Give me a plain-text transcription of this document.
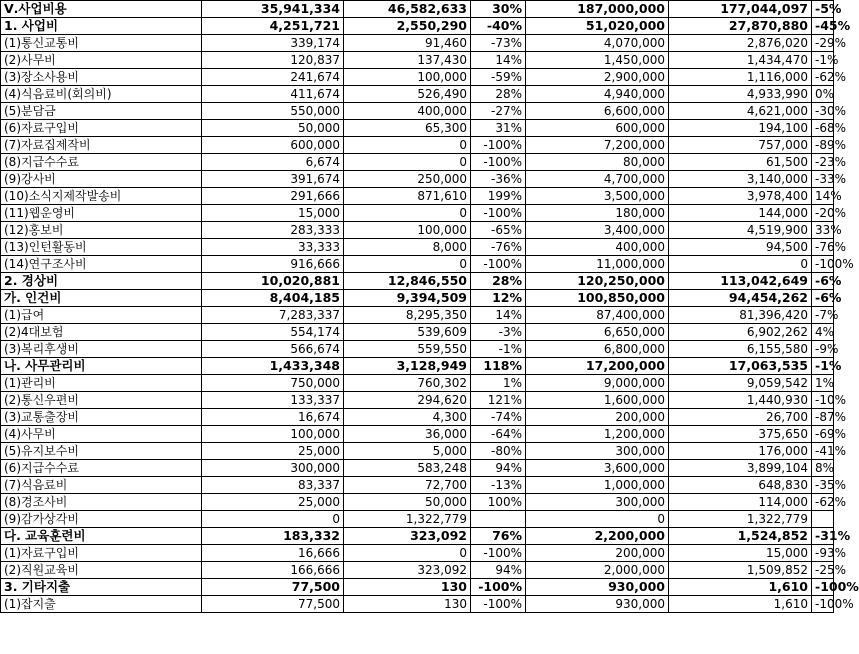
Ⅴ.사업비용	35,941,334	46,582,633	30%	187,000,000	177,044,097	-5%
1. 사업비	4,251,721	2,550,290	-40%	51,020,000	27,870,880	-45%
(1)통신교통비	339,174	91,460	-73%	4,070,000	2,876,020	-29%
(2)사무비	120,837	137,430	14%	1,450,000	1,434,470	-1%
(3)장소사용비	241,674	100,000	-59%	2,900,000	1,116,000	-62%
(4)식음료비(회의비)	411,674	526,490	28%	4,940,000	4,933,990	0%
(5)분담금	550,000	400,000	-27%	6,600,000	4,621,000	-30%
(6)자료구입비	50,000	65,300	31%	600,000	194,100	-68%
(7)자료집제작비	600,000	0	-100%	7,200,000	757,000	-89%
(8)지급수수료	6,674	0	-100%	80,000	61,500	-23%
(9)강사비	391,674	250,000	-36%	4,700,000	3,140,000	-33%
(10)소식지제작발송비	291,666	871,610	199%	3,500,000	3,978,400	14%
(11)웹운영비	15,000	0	-100%	180,000	144,000	-20%
(12)홍보비	283,333	100,000	-65%	3,400,000	4,519,900	33%
(13)인턴활동비	33,333	8,000	-76%	400,000	94,500	-76%
(14)연구조사비	916,666	0	-100%	11,000,000	0	-100%
2. 경상비	10,020,881	12,846,550	28%	120,250,000	113,042,649	-6%
가. 인건비	8,404,185	9,394,509	12%	100,850,000	94,454,262	-6%
(1)급여	7,283,337	8,295,350	14%	87,400,000	81,396,420	-7%
(2)4대보험	554,174	539,609	-3%	6,650,000	6,902,262	4%
(3)복리후생비	566,674	559,550	-1%	6,800,000	6,155,580	-9%
나. 사무관리비	1,433,348	3,128,949	118%	17,200,000	17,063,535	-1%
(1)관리비	750,000	760,302	1%	9,000,000	9,059,542	1%
(2)통신우편비	133,337	294,620	121%	1,600,000	1,440,930	-10%
(3)교통출장비	16,674	4,300	-74%	200,000	26,700	-87%
(4)사무비	100,000	36,000	-64%	1,200,000	375,650	-69%
(5)유지보수비	25,000	5,000	-80%	300,000	176,000	-41%
(6)지급수수료	300,000	583,248	94%	3,600,000	3,899,104	8%
(7)식음료비	83,337	72,700	-13%	1,000,000	648,830	-35%
(8)경조사비	25,000	50,000	100%	300,000	114,000	-62%
(9)감가상각비	0	1,322,779		0	1,322,779	
다. 교육훈련비	183,332	323,092	76%	2,200,000	1,524,852	-31%
(1)자료구입비	16,666	0	-100%	200,000	15,000	-93%
(2)직원교육비	166,666	323,092	94%	2,000,000	1,509,852	-25%
3. 기타지출	77,500	130	-100%	930,000	1,610	-100%
(1)잡지출	77,500	130	-100%	930,000	1,610	-100%
